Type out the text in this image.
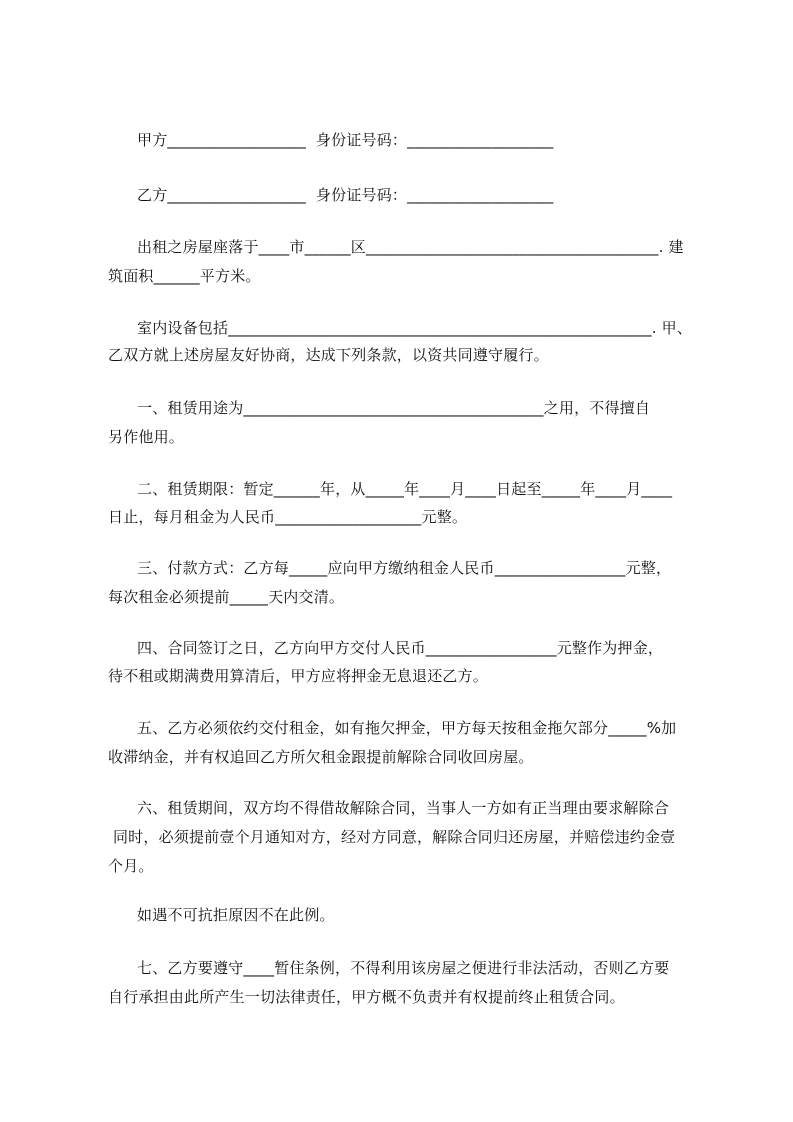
甲方__________________  身份证号码：___________________
乙方__________________  身份证号码：___________________
出租之房屋座落于____市______区______________________________________. 建
筑面积______平方米。
室内设备包括_______________________________________________________. 甲、
乙双方就上述房屋友好协商，达成下列条款，以资共同遵守履行。
一、租赁用途为_______________________________________之用，不得擅自
另作他用。
二、租赁期限：暂定______年，从_____年____月____日起至_____年____月____
日止，每月租金为人民币___________________元整。
三、付款方式：乙方每_____应向甲方缴纳租金人民币_________________元整，
每次租金必须提前_____天内交清。
四、合同签订之日，乙方向甲方交付人民币_________________元整作为押金，
待不租或期满费用算清后，甲方应将押金无息退还乙方。
五、乙方必须依约交付租金，如有拖欠押金，甲方每天按租金拖欠部分_____%加
收滞纳金，并有权追回乙方所欠租金跟提前解除合同收回房屋。
六、租赁期间，双方均不得借故解除合同，当事人一方如有正当理由要求解除合
同时，必须提前壹个月通知对方，经对方同意，解除合同归还房屋，并赔偿违约金壹
个月。
如遇不可抗拒原因不在此例。
七、乙方要遵守____暂住条例，不得利用该房屋之便进行非法活动，否则乙方要
自行承担由此所产生一切法律责任，甲方概不负责并有权提前终止租赁合同。
